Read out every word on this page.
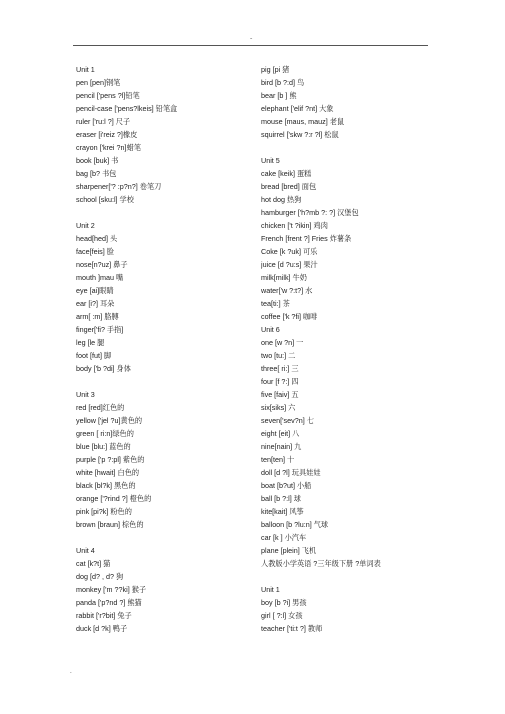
-
Unit 1
pen [pen]钢笔
pencil ['pens ?l]铅笔
pencil-case ['pens?lkeis] 铅笔盒
ruler ['ru:l ?] 尺子
eraser [i'reiz ?]橡皮
crayon ['krei ?n]蜡笔
book [buk] 书
bag [b? 书包
sharpener['? :p?n?] 卷笔刀
school [sku:l] 学校
Unit 2
head[hed] 头
face[feis] 脸
nose[n?uz] 鼻子
mouth ]mau 嘴
eye [ai]眼睛
ear [i?] 耳朵
arm[ :m] 胳膊
finger['fi? 手指]
leg [le 腿
foot [fut] 脚
body ['b ?di] 身体
Unit 3
red [red]红色的
yellow ['jel ?u]黄色的
green [ ri:n]绿色的
blue [blu:] 蓝色的
purple ['p ?:pl] 紫色的
white [hwait] 白色的
black [bl?k] 黑色的
orange ['?rind ?] 橙色的
pink [pi?k] 粉色的
brown [braun] 棕色的
Unit 4
cat [k?t] 猫
dog [d? , d? 狗
monkey ['m ??ki] 猴子
panda ['p?nd ?] 熊猫
rabbit ['r?bit] 兔子
duck [d ?k] 鸭子
pig [pi 猪
bird [b ?:d] 鸟
bear [b ] 熊
elephant ['elif ?nt] 大象
mouse [maus, mauz] 老鼠
squirrel ['skw ?:r ?l] 松鼠
Unit 5
cake [keik] 蛋糕
bread [bred] 面包
hot dog 热狗
hamburger ['h?mb ?: ?] 汉堡包
chicken ['t ?ikin] 鸡肉
French [frent ?] Fries 炸薯条
Coke [k ?uk] 可乐
juice [d ?u:s] 果汁
milk[milk] 牛奶
water['w ?:t?] 水
tea[ti:] 茶
coffee ['k ?fi] 咖啡
Unit 6
one [w ?n] 一
two [tu:] 二
three[ ri:] 三
four [f ?:] 四
five [faiv] 五
six[siks] 六
seven['sev?n] 七
eight [eit] 八
nine[nain] 九
ten[ten] 十
doll [d ?l] 玩具娃娃
boat [b?ut] 小船
ball [b ?:l] 球
kite[kait] 风筝
balloon [b ?lu:n] 气球
car [k ] 小汽车
plane [plein] 飞机
人教版小学英语 ?三年级下册 ?单词表
Unit 1
boy [b ?i] 男孩
girl [ ?:l] 女孩
teacher ['ti:t ?] 教师
.
